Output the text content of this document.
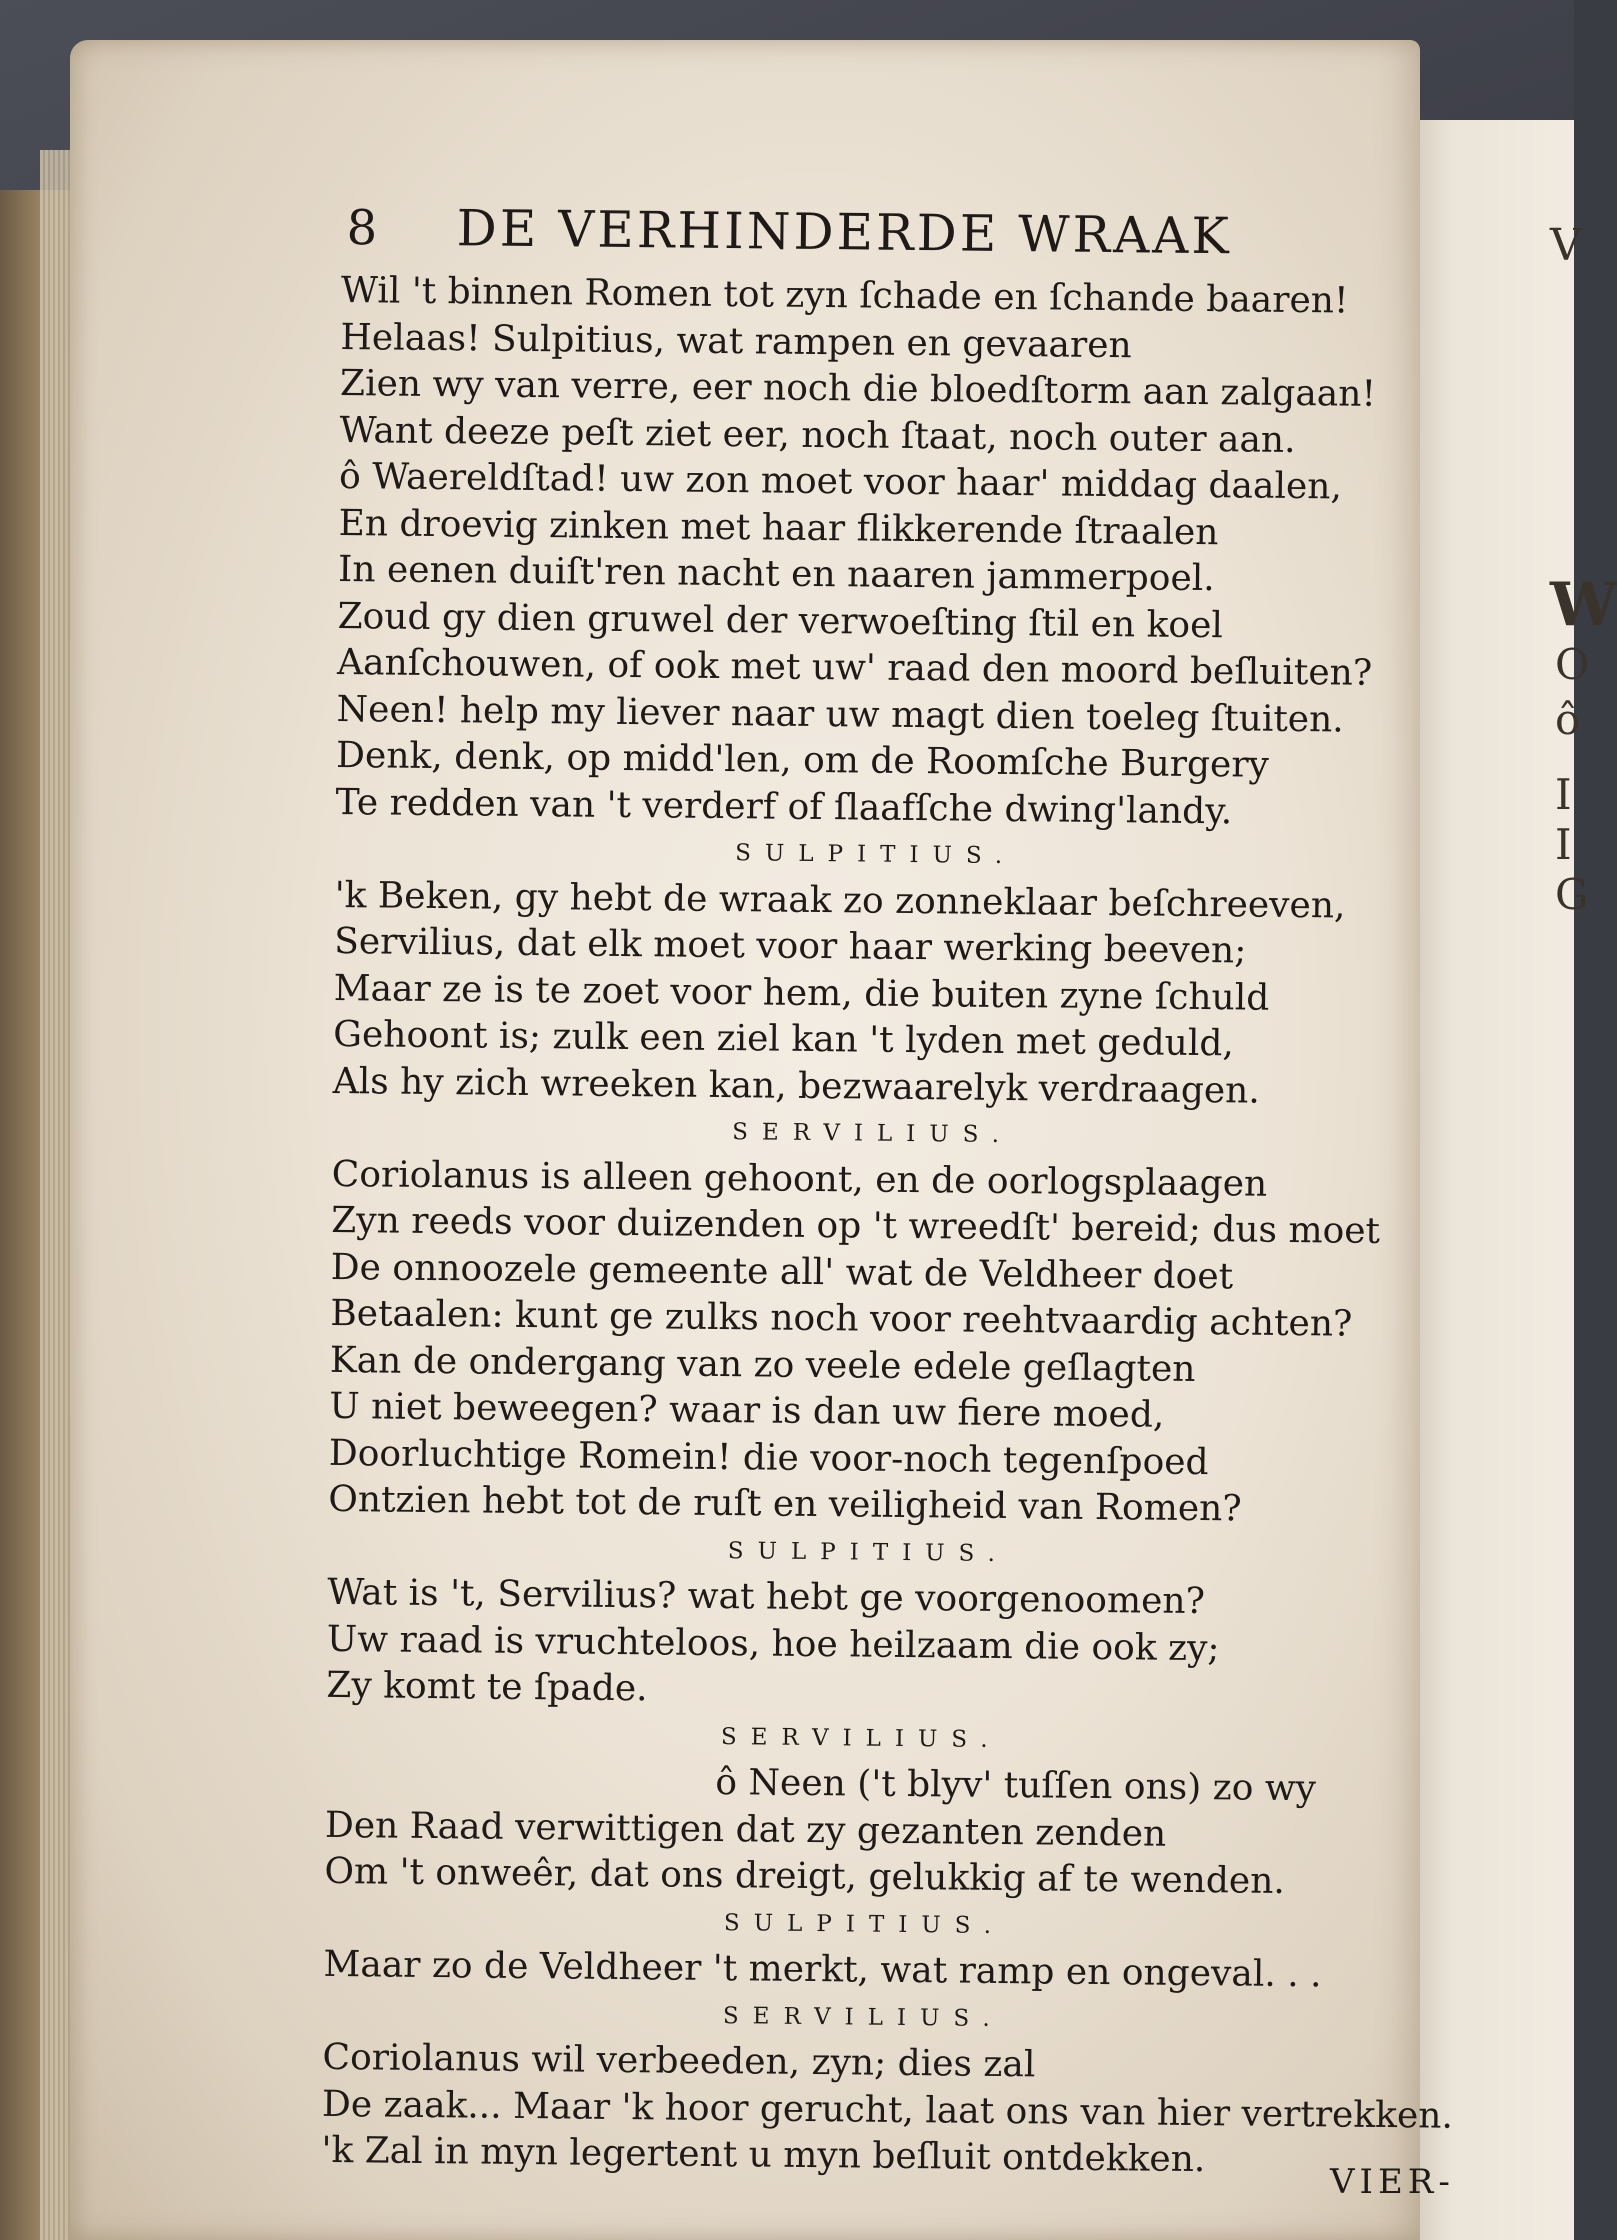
V
W
O
ô
I
I
G
8	DE VERHINDERDE WRAAK
Wil 't binnen Romen tot zyn ſchade en ſchande baaren!
Helaas! Sulpitius, wat rampen en gevaaren
Zien wy van verre, eer noch die bloedſtorm aan zalgaan!
Want deeze peſt ziet eer, noch ſtaat, noch outer aan.
ô Waereldſtad! uw zon moet voor haar' middag daalen,
En droevig zinken met haar flikkerende ſtraalen
In eenen duiſt'ren nacht en naaren jammerpoel.
Zoud gy dien gruwel der verwoeſting ſtil en koel
Aanſchouwen, of ook met uw' raad den moord beſluiten?
Neen! help my liever naar uw magt dien toeleg ſtuiten.
Denk, denk, op midd'len, om de Roomſche Burgery
Te redden van 't verderf of ſlaafſche dwing'landy.
SULPITIUS.
'k Beken, gy hebt de wraak zo zonneklaar beſchreeven,
Servilius, dat elk moet voor haar werking beeven;
Maar ze is te zoet voor hem, die buiten zyne ſchuld
Gehoont is; zulk een ziel kan 't lyden met geduld,
Als hy zich wreeken kan, bezwaarelyk verdraagen.
SERVILIUS.
Coriolanus is alleen gehoont, en de oorlogsplaagen
Zyn reeds voor duizenden op 't wreedſt' bereid; dus moet
De onnoozele gemeente all' wat de Veldheer doet
Betaalen: kunt ge zulks noch voor reehtvaardig achten?
Kan de ondergang van zo veele edele geſlagten
U niet beweegen? waar is dan uw fiere moed,
Doorluchtige Romein! die voor-noch tegenſpoed
Ontzien hebt tot de ruſt en veiligheid van Romen?
SULPITIUS.
Wat is 't, Servilius? wat hebt ge voorgenoomen?
Uw raad is vruchteloos, hoe heilzaam die ook zy;
Zy komt te ſpade.
SERVILIUS.
ô Neen ('t blyv' tuſſen ons) zo wy
Den Raad verwittigen dat zy gezanten zenden
Om 't onweêr, dat ons dreigt, gelukkig af te wenden.
SULPITIUS.
Maar zo de Veldheer 't merkt, wat ramp en ongeval. . .
SERVILIUS.
Coriolanus wil verbeeden, zyn; dies zal
De zaak... Maar 'k hoor gerucht, laat ons van hier vertrekken.
'k Zal in myn legertent u myn beſluit ontdekken.
VIER-
